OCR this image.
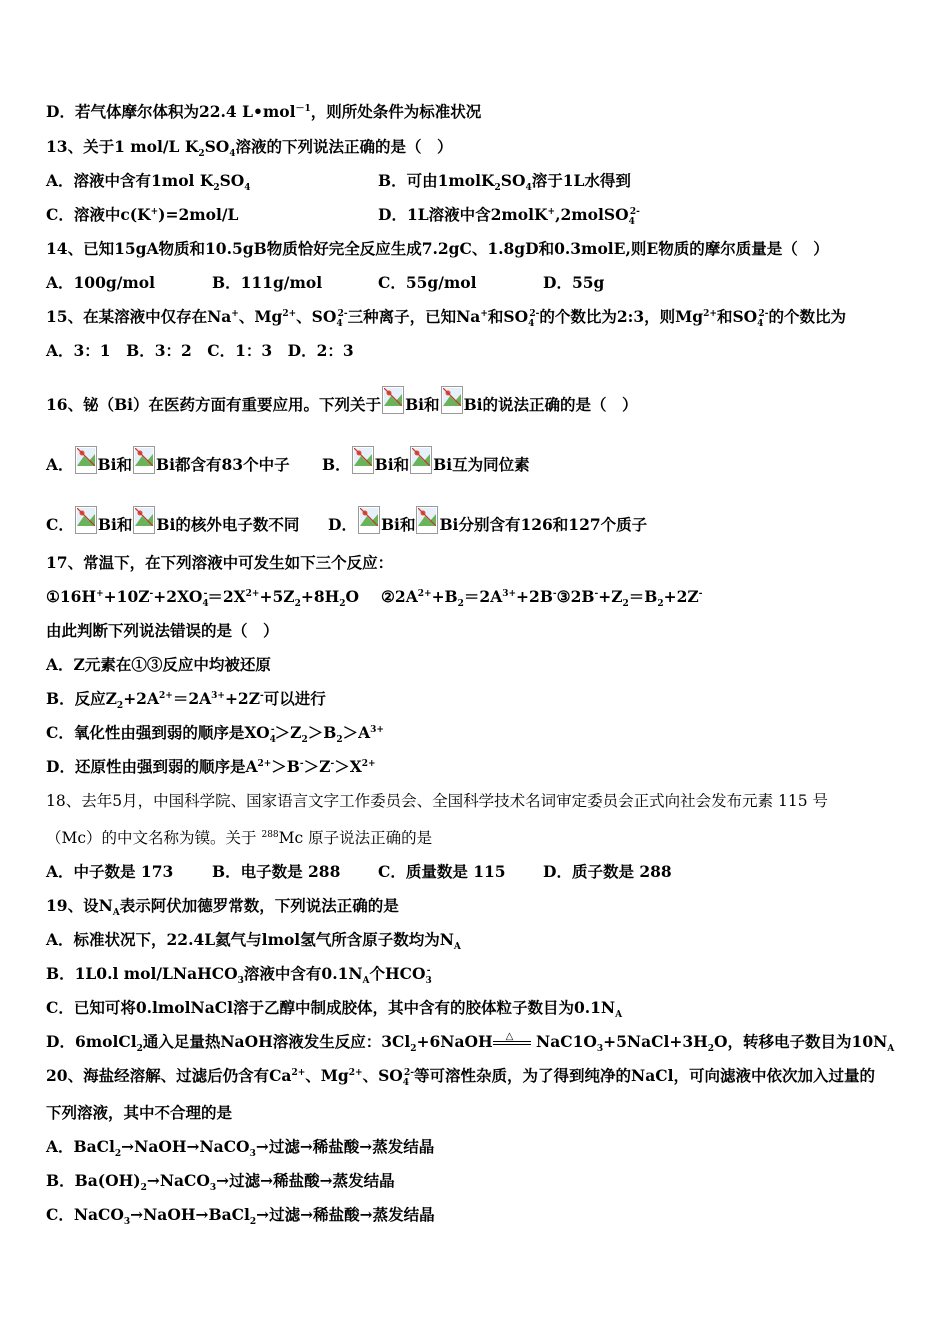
D．若气体摩尔体积为22.4 L•mol$^{-1}$，则所处条件为标准状况
13、关于1 mol/L $K_2SO_4$溶液的下列说法正确的是（　）
A．溶液中含有1mol $K_2SO_4$	B．可由$1molK_2SO_4$溶于1L水得到
C．溶液中c(K+)=2mol/L	D．1L溶液中含2molK+,2molSO$_4^{2-}$
14、已知15gA物质和10.5gB物质恰好完全反应生成7.2gC、1.8gD和0.3molE,则E物质的摩尔质量是（　）
A．100g/mol	B．111g/mol	C．55g/mol	D．55g
15、在某溶液中仅存在Na+、$Mg^{2+}$、$SO_4^{2-}$三种离子，已知Na+和$SO_4^{2-}$的个数比为2:3，则$Mg^{2+}$和$SO_4^{2-}$的个数比为
A．3：1　B．3：2　C．1：3　D．2：3
16、铋（Bi）在医药方面有重要应用。下列关于 Bi和 Bi的说法正确的是（　）
A． Bi和 Bi都含有83个中子 B． Bi和 Bi互为同位素
C． Bi和 Bi的核外电子数不同 D． Bi和 Bi分别含有126和127个质子
17、常温下，在下列溶液中可发生如下三个反应：
$①16H^++10Z^-+2XO_4^-=2X^{2+}+5Z_2+8H_2O$ $②2A^{2+}+B_2=2A^{3+}+2B^-③2B^-+Z_2=B_2+2Z^-$
由此判断下列说法错误的是（　）
A．Z元素在①③反应中均被还原
B．反应$Z_2+2A^{2+}=2A^{3+}+2Z^-$可以进行
C．氧化性由强到弱的顺序是$XO_4^->Z_2>B_2>A^{3+}$
D．还原性由强到弱的顺序是$A^{2+}>B^->Z^->X^{2+}$
18、去年5月，中国科学院、国家语言文字工作委员会、全国科学技术名词审定委员会正式向社会发布元素 115 号
（Mc）的中文名称为镆。关于 $^{288}$Mc 原子说法正确的是
A．中子数是 173 B．电子数是 288 C．质量数是 115 D．质子数是 288
19、设$N_A$表示阿伏加德罗常数，下列说法正确的是
A．标准状况下，22.4L氦气与lmol氢气所含原子数均为$N_A$
B．1L0.l mol/LNaHCO$_3$溶液中含有$0.1N_A$个$HCO_3^-$
C．已知可将0.lmolNaCl溶于乙醇中制成胶体，其中含有的胶体粒子数目为$0.1N_A$
D．6molCl$_2$通入足量热NaOH溶液发生反应：$3Cl_2+6NaOH$ △ $NaC1O_3+5NaCl+3H_2O$，转移电子数目为$10N_A$
20、海盐经溶解、过滤后仍含有$Ca^{2+}$、$Mg^{2+}$、$SO_4^{2-}$等可溶性杂质，为了得到纯净的NaCl，可向滤液中依次加入过量的
下列溶液，其中不合理的是
A．BaCl$_2$→NaOH→NaCO$_3$→过滤→稀盐酸→蒸发结晶
B．$Ba(OH)_2\to NaCO_3\to$过滤→稀盐酸→蒸发结晶
C．NaCO$_3$→NaOH→BaCl$_2$→过滤→稀盐酸→蒸发结晶
